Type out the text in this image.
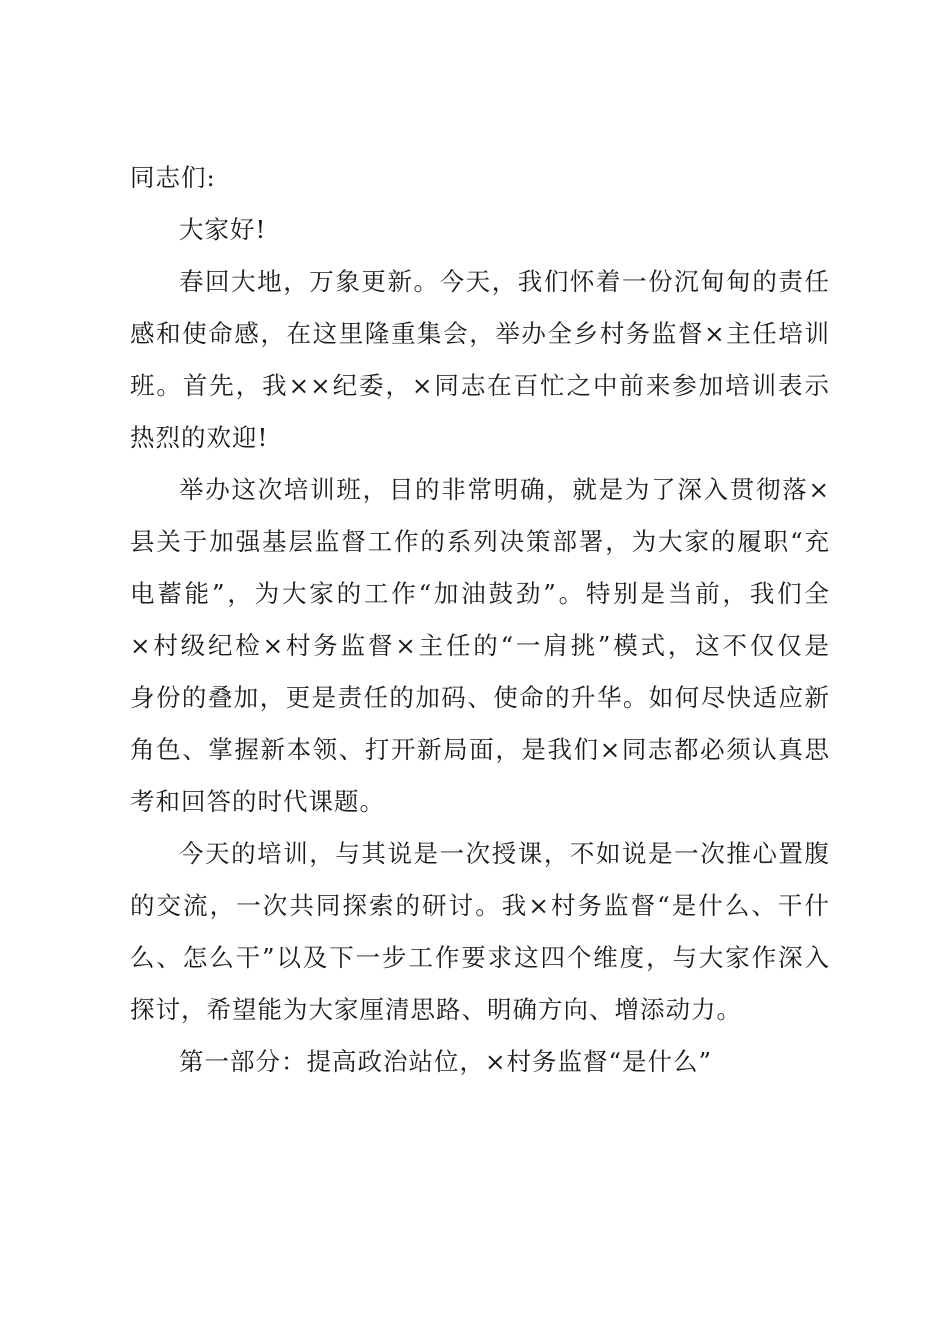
同志们:
大家好!
春回大地，万象更新。今天，我们怀着一份沉甸甸的责任
感和使命感，在这里隆重集会，举办全乡村务监督×主任培训
班。首先，我××纪委，×同志在百忙之中前来参加培训表示
热烈的欢迎!
举办这次培训班，目的非常明确，就是为了深入贯彻落×
县关于加强基层监督工作的系列决策部署，为大家的履职“充
电蓄能”，为大家的工作“加油鼓劲”。特别是当前，我们全
×村级纪检×村务监督×主任的“一肩挑”模式，这不仅仅是
身份的叠加，更是责任的加码、使命的升华。如何尽快适应新
角色、掌握新本领、打开新局面，是我们×同志都必须认真思
考和回答的时代课题。
今天的培训，与其说是一次授课，不如说是一次推心置腹
的交流，一次共同探索的研讨。我×村务监督“是什么、干什
么、怎么干”以及下一步工作要求这四个维度，与大家作深入
探讨，希望能为大家厘清思路、明确方向、增添动力。
第一部分：提高政治站位，×村务监督“是什么”
